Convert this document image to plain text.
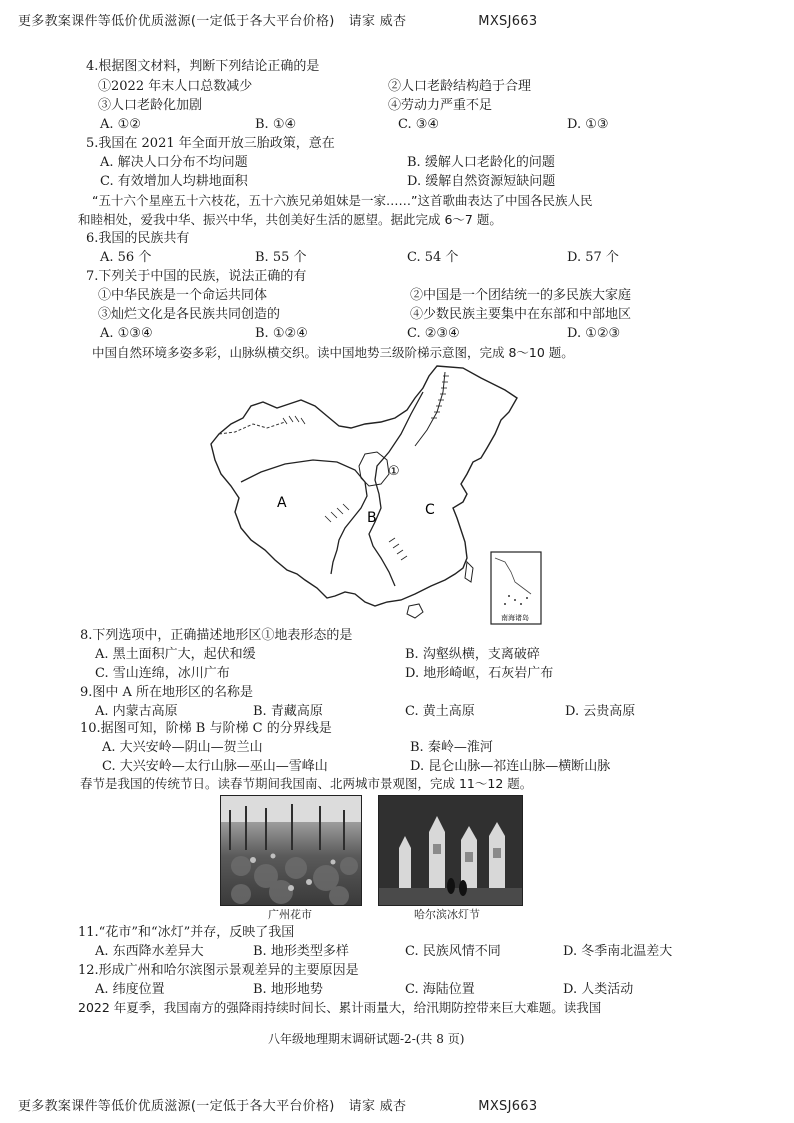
更多教案课件等低价优质滋源(一定低于各大平台价格) 请家 威杏	MXSJ663
4.根据图文材料，判断下列结论正确的是
①2022 年末人口总数减少	②人口老龄结构趋于合理
③人口老龄化加剧	④劳动力严重不足
A. ①②	B. ①④	C. ③④	D. ①③
5.我国在 2021 年全面开放三胎政策，意在
A. 解决人口分布不均问题	B. 缓解人口老龄化的问题
C. 有效增加人均耕地面积	D. 缓解自然资源短缺问题
“五十六个星座五十六枝花，五十六族兄弟姐妹是一家……”这首歌曲表达了中国各民族人民
和睦相处，爱我中华、振兴中华，共创美好生活的愿望。据此完成 6～7 题。
6.我国的民族共有
A. 56 个	B. 55 个	C. 54 个	D. 57 个
7.下列关于中国的民族，说法正确的有
①中华民族是一个命运共同体	②中国是一个团结统一的多民族大家庭
③灿烂文化是各民族共同创造的	④少数民族主要集中在东部和中部地区
A. ①③④	B. ①②④	C. ②③④	D. ①②③
中国自然环境多姿多彩，山脉纵横交织。读中国地势三级阶梯示意图，完成 8～10 题。
A
B	C
①
南海诸岛
8.下列选项中，正确描述地形区①地表形态的是
A. 黑土面积广大，起伏和缓	B. 沟壑纵横，支离破碎
C. 雪山连绵，冰川广布	D. 地形崎岖，石灰岩广布
9.图中 A 所在地形区的名称是
A. 内蒙古高原	B. 青藏高原	C. 黄土高原	D. 云贵高原
10.据图可知，阶梯 B 与阶梯 C 的分界线是
A. 大兴安岭—阴山—贺兰山	B. 秦岭—淮河
C. 大兴安岭—太行山脉—巫山—雪峰山	D. 昆仑山脉—祁连山脉—横断山脉
春节是我国的传统节日。读春节期间我国南、北两城市景观图，完成 11～12 题。
广州花市	哈尔滨冰灯节
11.“花市”和“冰灯”并存，反映了我国
A. 东西降水差异大	B. 地形类型多样	C. 民族风情不同	D. 冬季南北温差大
12.形成广州和哈尔滨图示景观差异的主要原因是
A. 纬度位置	B. 地形地势	C. 海陆位置	D. 人类活动
2022 年夏季，我国南方的强降雨持续时间长、累计雨量大，给汛期防控带来巨大难题。读我国
八年级地理期末调研试题-2-(共 8 页)
更多教案课件等低价优质滋源(一定低于各大平台价格) 请家 威杏	MXSJ663
